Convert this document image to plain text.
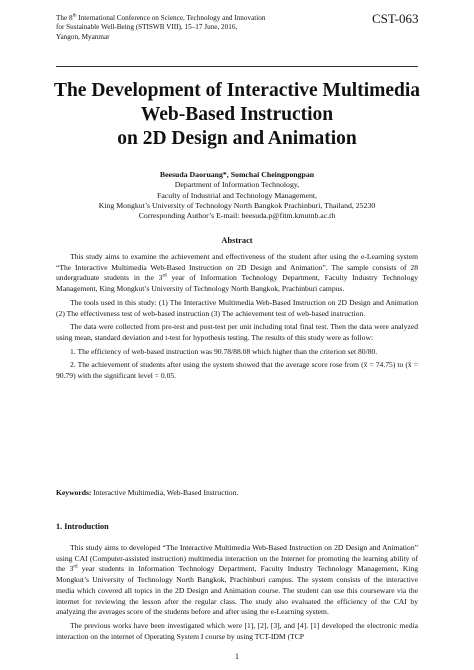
The 8th International Conference on Science, Technology and Innovation
for Sustainable Well-Being (STISWB VIII), 15–17 June, 2016,
Yangon, Myanmar
CST-063
The Development of Interactive Multimedia
Web-Based Instruction
on 2D Design and Animation
Beesuda Daoruang*, Somchai Cheingpongpan
Department of Information Technology,
Faculty of Industrial and Technology Management,
King Mongkut’s University of Technology North Bangkok Prachinburi, Thailand, 25230
Corresponding Author’s E-mail: beesuda.p@fitm.kmutnb.ac.th
Abstract

This study aims to examine the achievement and effectiveness of the student after using the e-Learning system “The Interactive Multimedia Web-Based Instruction on 2D Design and Animation”. The sample consists of 28 undergraduate students in the 3rd year of Information Technology Department, Faculty Industry Technology Management, King Mongkut’s University of Technology North Bangkok, Prachinburi campus.

The tools used in this study: (1) The Interactive Multimedia Web-Based Instruction on 2D Design and Animation (2) The effectiveness test of web-based instruction (3) The achievement test of web-based instruction.

The data were collected from pre-test and post-test per unit including total final test. Then the data were analyzed using mean, standard deviation and t-test for hypothesis testing. The results of this study were as follow:

1. The efficiency of web-based instruction was 90.78/88.08 which higher than the criterion set 80/80.

2. The achievement of students after using the system showed that the average score rose from (x̄ = 74.75) to (x̄ = 90.79) with the significant level = 0.05.

Keywords: Interactive Multimedia, Web-Based Instruction.
1. Introduction

This study aims to developed “The Interactive Multimedia Web-Based Instruction on 2D Design and Animation” using CAI (Computer-assisted instruction) multimedia interaction on the Internet for promoting the learning ability of the 3rd year students in Information Technology Department, Faculty Industry Technology Management, King Mongkut’s University of Technology North Bangkok, Prachinburi campus. The system consists of the interactive media which covered all topics in the 2D Design and Animation course. The student can use this courseware via the internet for reviewing the lesson after the regular class. The study also evaluated the efficiency of the CAI by analyzing the averages score of the students before and after using the e-Learning system.

The previous works have been investigated which were [1], [2], [3], and [4]. [1] developed the electronic media interaction on the internet of Operating System I course by using TCT-IDM (TCP

1
